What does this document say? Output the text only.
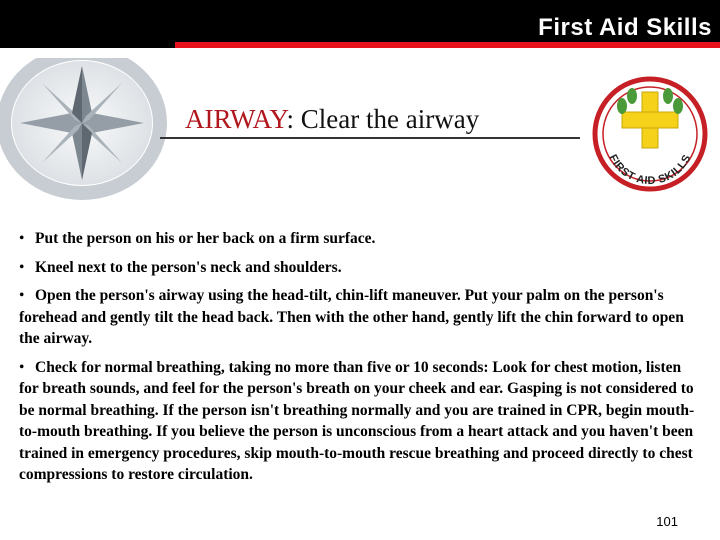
First Aid Skills
AIRWAY: Clear the airway
FIRST AID SKILLS

• Put the person on his or her back on a firm surface.

• Kneel next to the person's neck and shoulders.

• Open the person's airway using the head-tilt, chin-lift maneuver. Put your palm on the person's forehead and gently tilt the head back. Then with the other hand, gently lift the chin forward to open the airway.

• Check for normal breathing, taking no more than five or 10 seconds: Look for chest motion, listen for breath sounds, and feel for the person's breath on your cheek and ear. Gasping is not considered to be normal breathing. If the person isn't breathing normally and you are trained in CPR, begin mouth-to-mouth breathing. If you believe the person is unconscious from a heart attack and you haven't been trained in emergency procedures, skip mouth-to-mouth rescue breathing and proceed directly to chest compressions to restore circulation.

101
